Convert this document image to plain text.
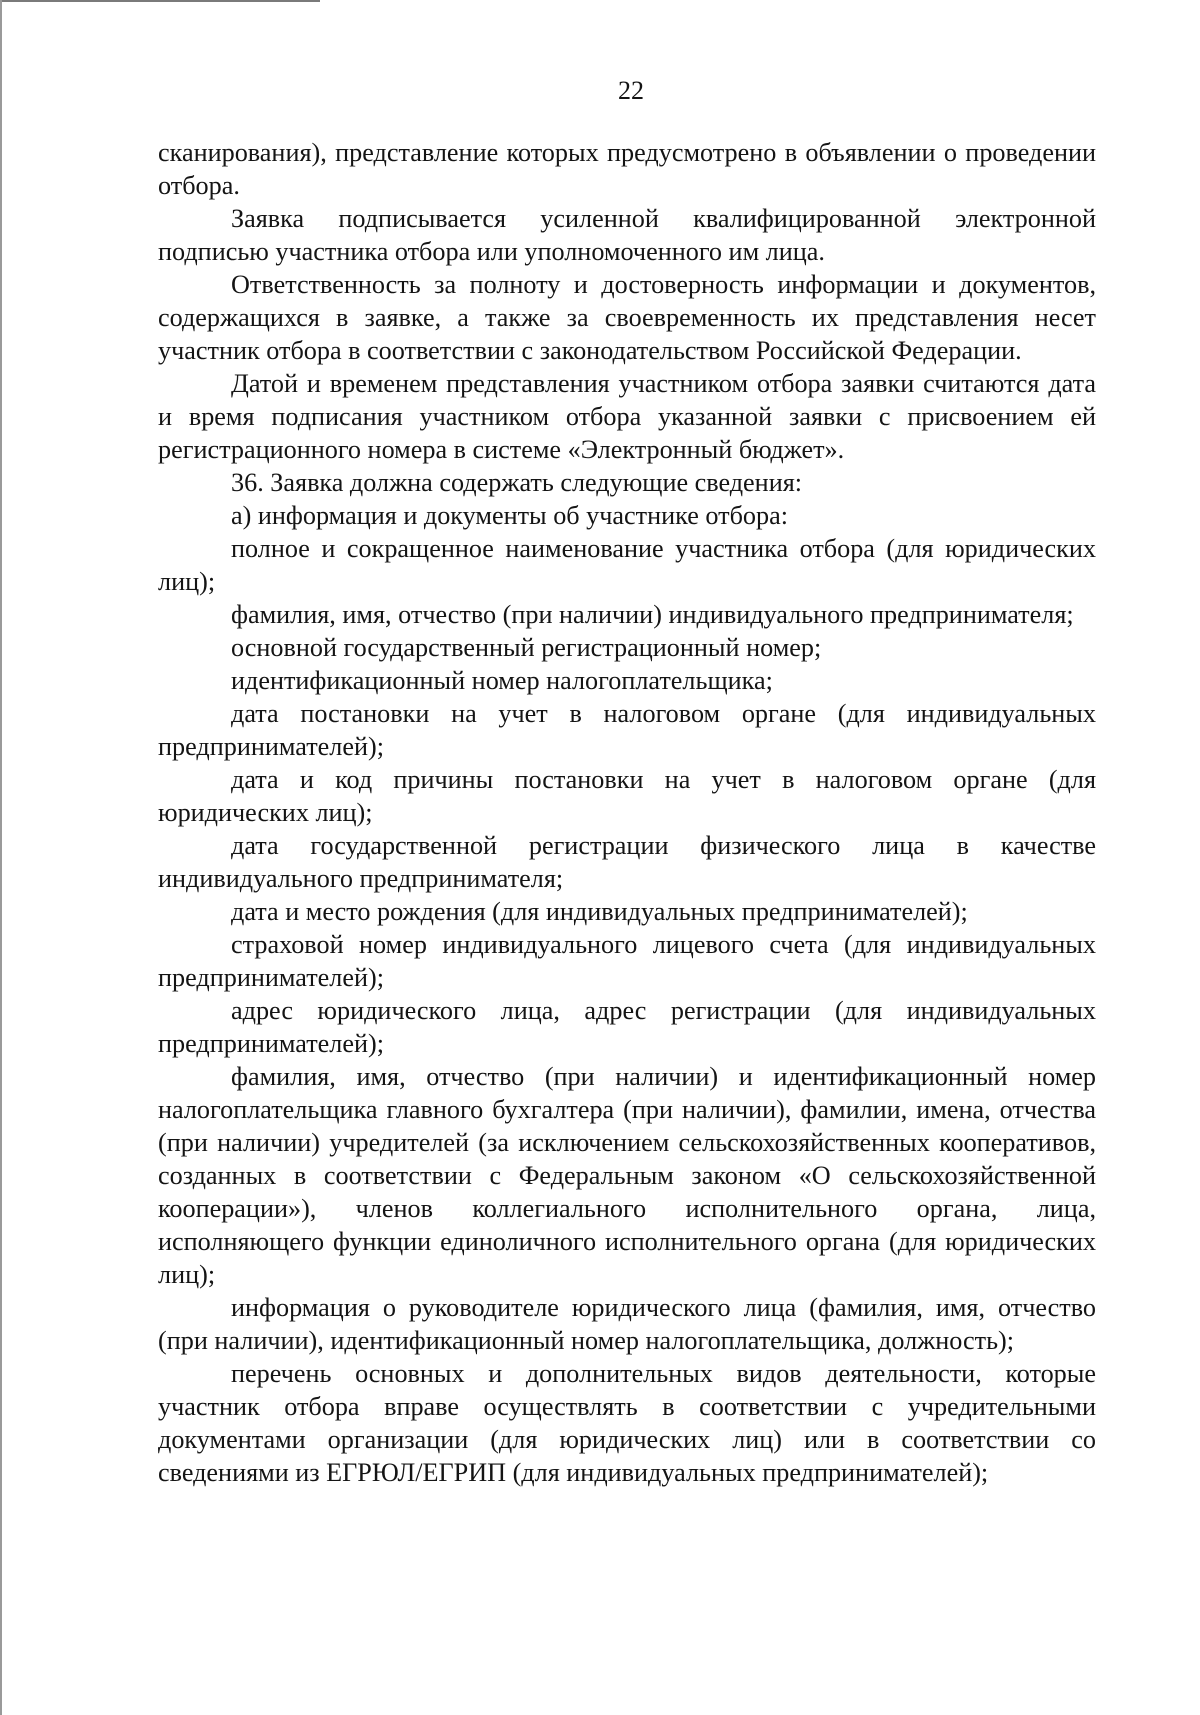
22

сканирования), представление которых предусмотрено в объявлении о проведении отбора.

Заявка подписывается усиленной квалифицированной электронной подписью участника отбора или уполномоченного им лица.

Ответственность за полноту и достоверность информации и документов, содержащихся в заявке, а также за своевременность их представления несет участник отбора в соответствии с законодательством Российской Федерации.

Датой и временем представления участником отбора заявки считаются дата и время подписания участником отбора указанной заявки с присвоением ей регистрационного номера в системе «Электронный бюджет».

36. Заявка должна содержать следующие сведения:

а) информация и документы об участнике отбора:

полное и сокращенное наименование участника отбора (для юридических лиц);

фамилия, имя, отчество (при наличии) индивидуального предпринимателя;

основной государственный регистрационный номер;

идентификационный номер налогоплательщика;

дата постановки на учет в налоговом органе (для индивидуальных предпринимателей);

дата и код причины постановки на учет в налоговом органе (для юридических лиц);

дата государственной регистрации физического лица в качестве индивидуального предпринимателя;

дата и место рождения (для индивидуальных предпринимателей);

страховой номер индивидуального лицевого счета (для индивидуальных предпринимателей);

адрес юридического лица, адрес регистрации (для индивидуальных предпринимателей);

фамилия, имя, отчество (при наличии) и идентификационный номер налогоплательщика главного бухгалтера (при наличии), фамилии, имена, отчества (при наличии) учредителей (за исключением сельскохозяйственных кооперативов, созданных в соответствии с Федеральным законом «О сельскохозяйственной кооперации»), членов коллегиального исполнительного органа, лица, исполняющего функции единоличного исполнительного органа (для юридических лиц);

информация о руководителе юридического лица (фамилия, имя, отчество (при наличии), идентификационный номер налогоплательщика, должность);

перечень основных и дополнительных видов деятельности, которые участник отбора вправе осуществлять в соответствии с учредительными документами организации (для юридических лиц) или в соответствии со сведениями из ЕГРЮЛ/ЕГРИП (для индивидуальных предпринимателей);
